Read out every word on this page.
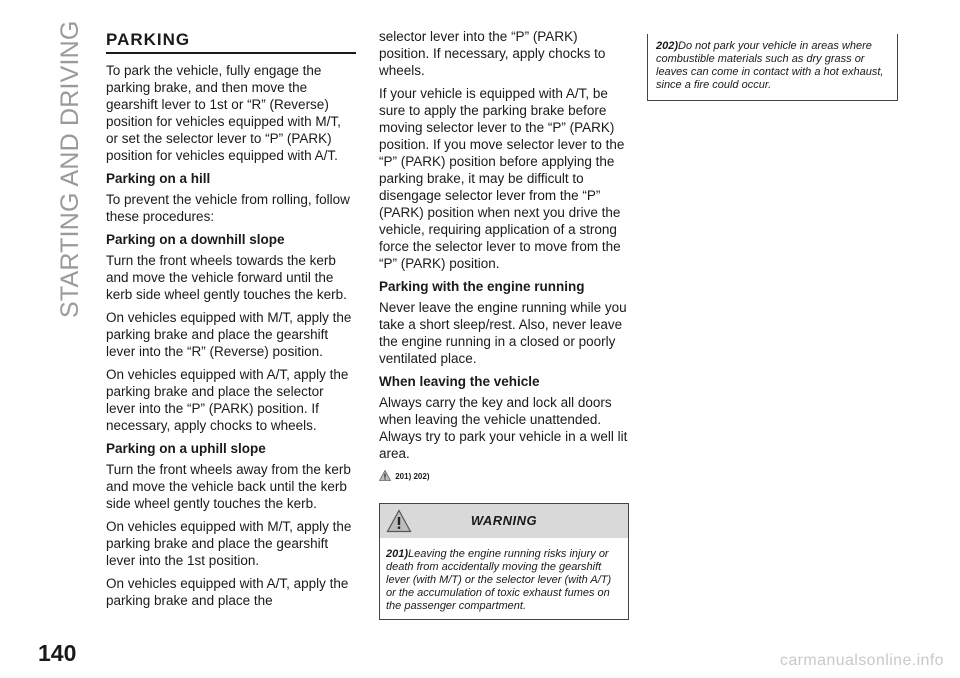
STARTING AND DRIVING PARKING

To park the vehicle, fully engage the parking brake, and then move the gearshift lever to 1st or “R” (Reverse) position for vehicles equipped with M/T, or set the selector lever to “P” (PARK) position for vehicles equipped with A/T.

Parking on a hill

To prevent the vehicle from rolling, follow these procedures:

Parking on a downhill slope

Turn the front wheels towards the kerb and move the vehicle forward until the kerb side wheel gently touches the kerb.

On vehicles equipped with M/T, apply the parking brake and place the gearshift lever into the “R” (Reverse) position.

On vehicles equipped with A/T, apply the parking brake and place the selector lever into the “P” (PARK) position. If necessary, apply chocks to wheels.

Parking on a uphill slope

Turn the front wheels away from the kerb and move the vehicle back until the kerb side wheel gently touches the kerb.

On vehicles equipped with M/T, apply the parking brake and place the gearshift lever into the 1st position.

On vehicles equipped with A/T, apply the parking brake and place the

selector lever into the “P” (PARK) position. If necessary, apply chocks to wheels.

If your vehicle is equipped with A/T, be sure to apply the parking brake before moving selector lever to the “P” (PARK) position. If you move selector lever to the “P” (PARK) position before applying the parking brake, it may be difficult to disengage selector lever from the “P” (PARK) position when next you drive the vehicle, requiring application of a strong force the selector lever to move from the “P” (PARK) position.

Parking with the engine running

Never leave the engine running while you take a short sleep/rest. Also, never leave the engine running in a closed or poorly ventilated place.

When leaving the vehicle

Always carry the key and lock all doors when leaving the vehicle unattended. Always try to park your vehicle in a well lit area.

201) 202)
WARNING

201)Leaving the engine running risks injury or death from accidentally moving the gearshift lever (with M/T) or the selector lever (with A/T) or the accumulation of toxic exhaust fumes on the passenger compartment.

202)Do not park your vehicle in areas where combustible materials such as dry grass or leaves can come in contact with a hot exhaust, since a fire could occur.

140	carmanualsonline.info
